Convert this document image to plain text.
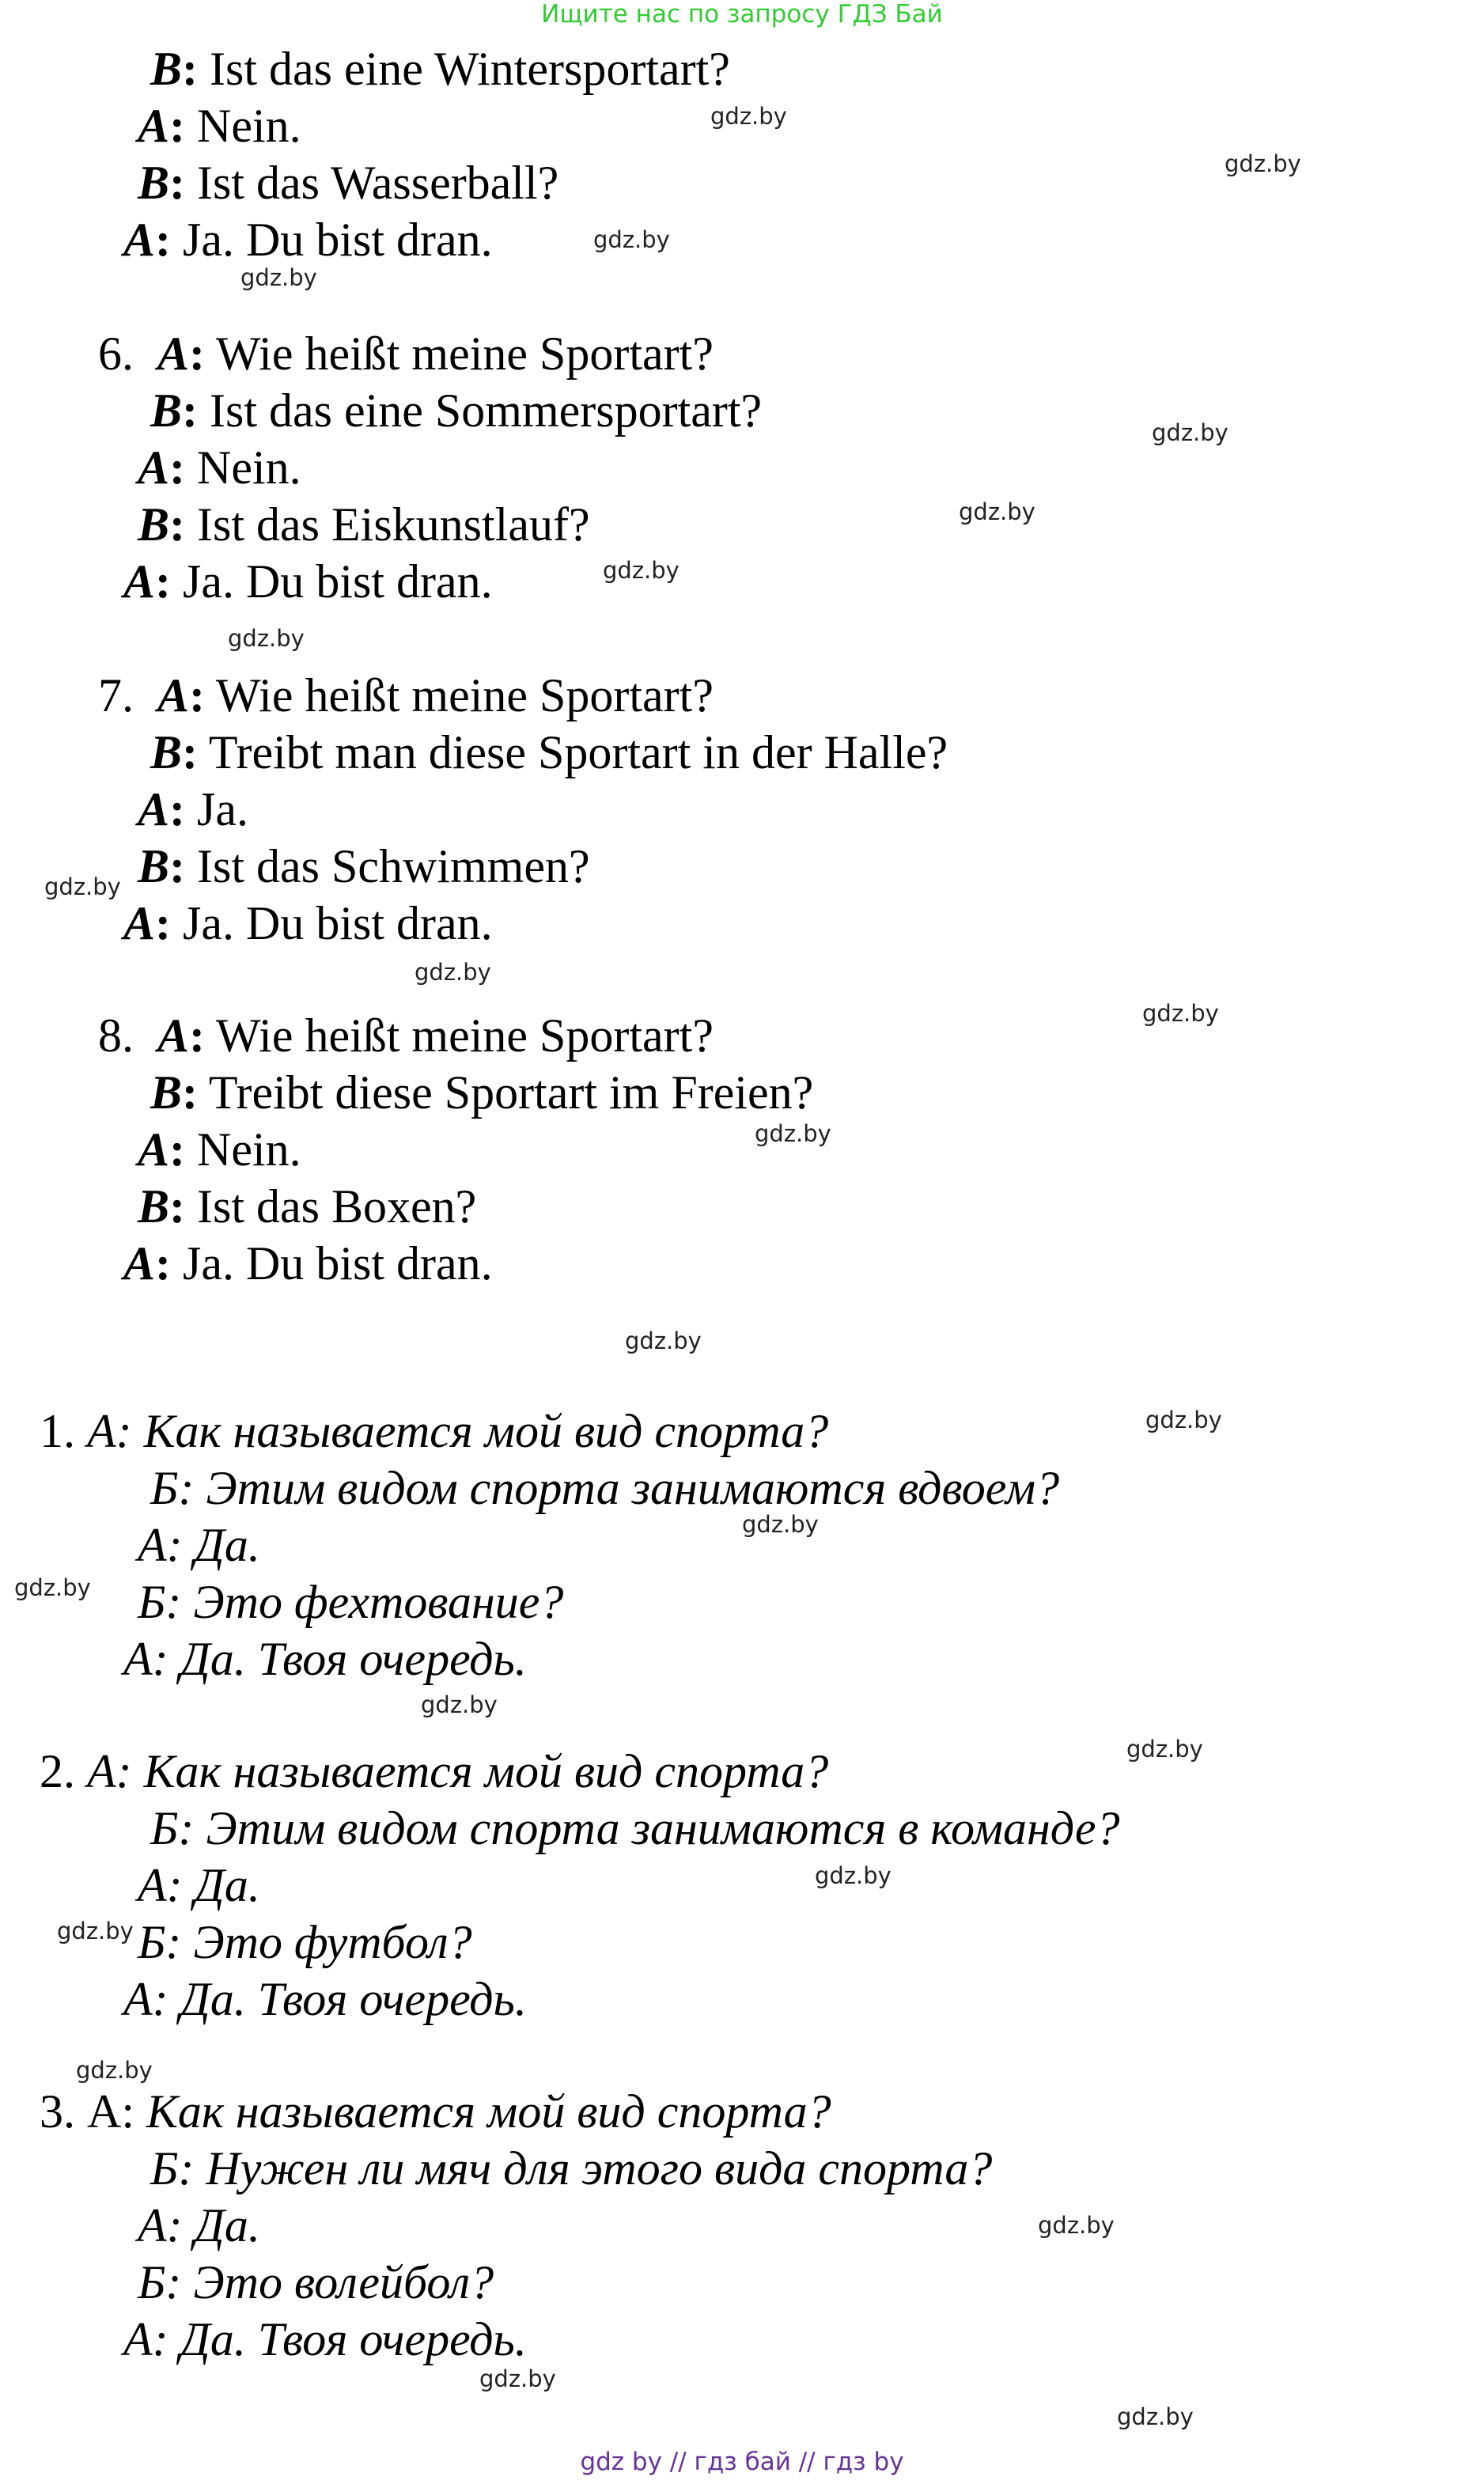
Ищите нас по запросу ГДЗ Бай
B: Ist das eine Wintersportart?
A: Nein.
B: Ist das Wasserball?
A: Ja. Du bist dran.
6. A: Wie heißt meine Sportart?
B: Ist das eine Sommersportart?
A: Nein.
B: Ist das Eiskunstlauf?
A: Ja. Du bist dran.
7. A: Wie heißt meine Sportart?
B: Treibt man diese Sportart in der Halle?
A: Ja.
B: Ist das Schwimmen?
A: Ja. Du bist dran.
8. A: Wie heißt meine Sportart?
B: Treibt diese Sportart im Freien?
A: Nein.
B: Ist das Boxen?
A: Ja. Du bist dran.
1. А: Как называется мой вид спорта?
Б: Этим видом спорта занимаются вдвоем?
А: Да.
Б: Это фехтование?
А: Да. Твоя очередь.
2. А: Как называется мой вид спорта?
Б: Этим видом спорта занимаются в команде?
А: Да.
Б: Это футбол?
А: Да. Твоя очередь.
3. А: Как называется мой вид спорта?
Б: Нужен ли мяч для этого вида спорта?
А: Да.
Б: Это волейбол?
А: Да. Твоя очередь.
gdz.by
gdz.by
gdz.by
gdz.by
gdz.by
gdz.by
gdz.by
gdz.by
gdz.by
gdz.by
gdz.by
gdz.by
gdz.by
gdz.by
gdz.by
gdz.by
gdz.by
gdz.by
gdz.by
gdz.by
gdz.by
gdz.by
gdz.by
gdz.by
gdz by // гдз бай // гдз by
